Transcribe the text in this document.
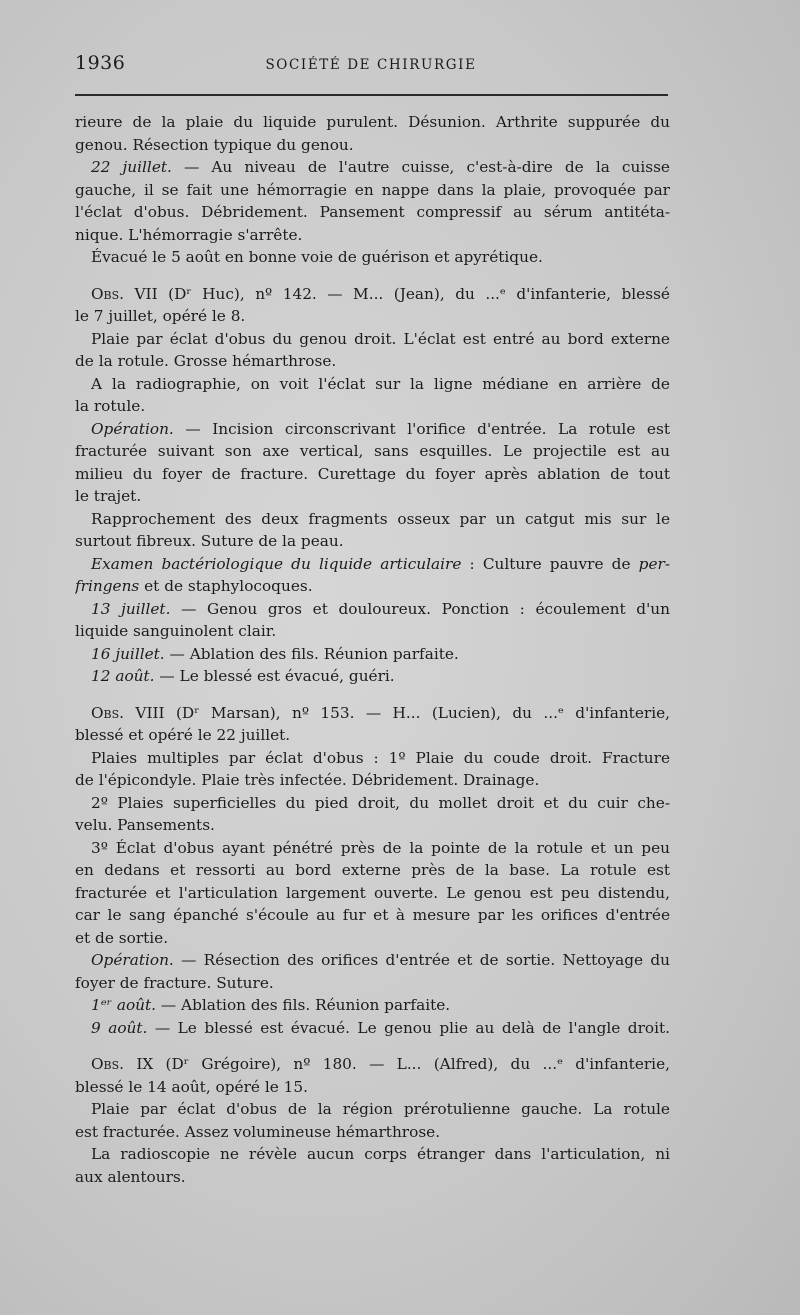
1936	SOCIÉTÉ DE CHIRURGIE
rieure de la plaie du liquide purulent. Désunion. Arthrite suppurée du
genou. Résection typique du genou.
22 juillet. — Au niveau de l'autre cuisse, c'est-à-dire de la cuisse
gauche, il se fait une hémorragie en nappe dans la plaie, provoquée par
l'éclat d'obus. Débridement. Pansement compressif au sérum antitéta-
nique. L'hémorragie s'arrête.
Évacué le 5 août en bonne voie de guérison et apyrétique.
Obs. VII (Dʳ Huc), nº 142. — M... (Jean), du ...ᵉ d'infanterie, blessé
le 7 juillet, opéré le 8.
Plaie par éclat d'obus du genou droit. L'éclat est entré au bord externe
de la rotule. Grosse hémarthrose.
A la radiographie, on voit l'éclat sur la ligne médiane en arrière de
la rotule.
Opération. — Incision circonscrivant l'orifice d'entrée. La rotule est
fracturée suivant son axe vertical, sans esquilles. Le projectile est au
milieu du foyer de fracture. Curettage du foyer après ablation de tout
le trajet.
Rapprochement des deux fragments osseux par un catgut mis sur le
surtout fibreux. Suture de la peau.
Examen bactériologique du liquide articulaire : Culture pauvre de per-
fringens et de staphylocoques.
13 juillet. — Genou gros et douloureux. Ponction : écoulement d'un
liquide sanguinolent clair.
16 juillet. — Ablation des fils. Réunion parfaite.
12 août. — Le blessé est évacué, guéri.
Obs. VIII (Dʳ Marsan), nº 153. — H... (Lucien), du ...ᵉ d'infanterie,
blessé et opéré le 22 juillet.
Plaies multiples par éclat d'obus : 1º Plaie du coude droit. Fracture
de l'épicondyle. Plaie très infectée. Débridement. Drainage.
2º Plaies superficielles du pied droit, du mollet droit et du cuir che-
velu. Pansements.
3º Éclat d'obus ayant pénétré près de la pointe de la rotule et un peu
en dedans et ressorti au bord externe près de la base. La rotule est
fracturée et l'articulation largement ouverte. Le genou est peu distendu,
car le sang épanché s'écoule au fur et à mesure par les orifices d'entrée
et de sortie.
Opération. — Résection des orifices d'entrée et de sortie. Nettoyage du
foyer de fracture. Suture.
1ᵉʳ août. — Ablation des fils. Réunion parfaite.
9 août. — Le blessé est évacué. Le genou plie au delà de l'angle droit.
Obs. IX (Dʳ Grégoire), nº 180. — L... (Alfred), du ...ᵉ d'infanterie,
blessé le 14 août, opéré le 15.
Plaie par éclat d'obus de la région prérotulienne gauche. La rotule
est fracturée. Assez volumineuse hémarthrose.
La radioscopie ne révèle aucun corps étranger dans l'articulation, ni
aux alentours.
